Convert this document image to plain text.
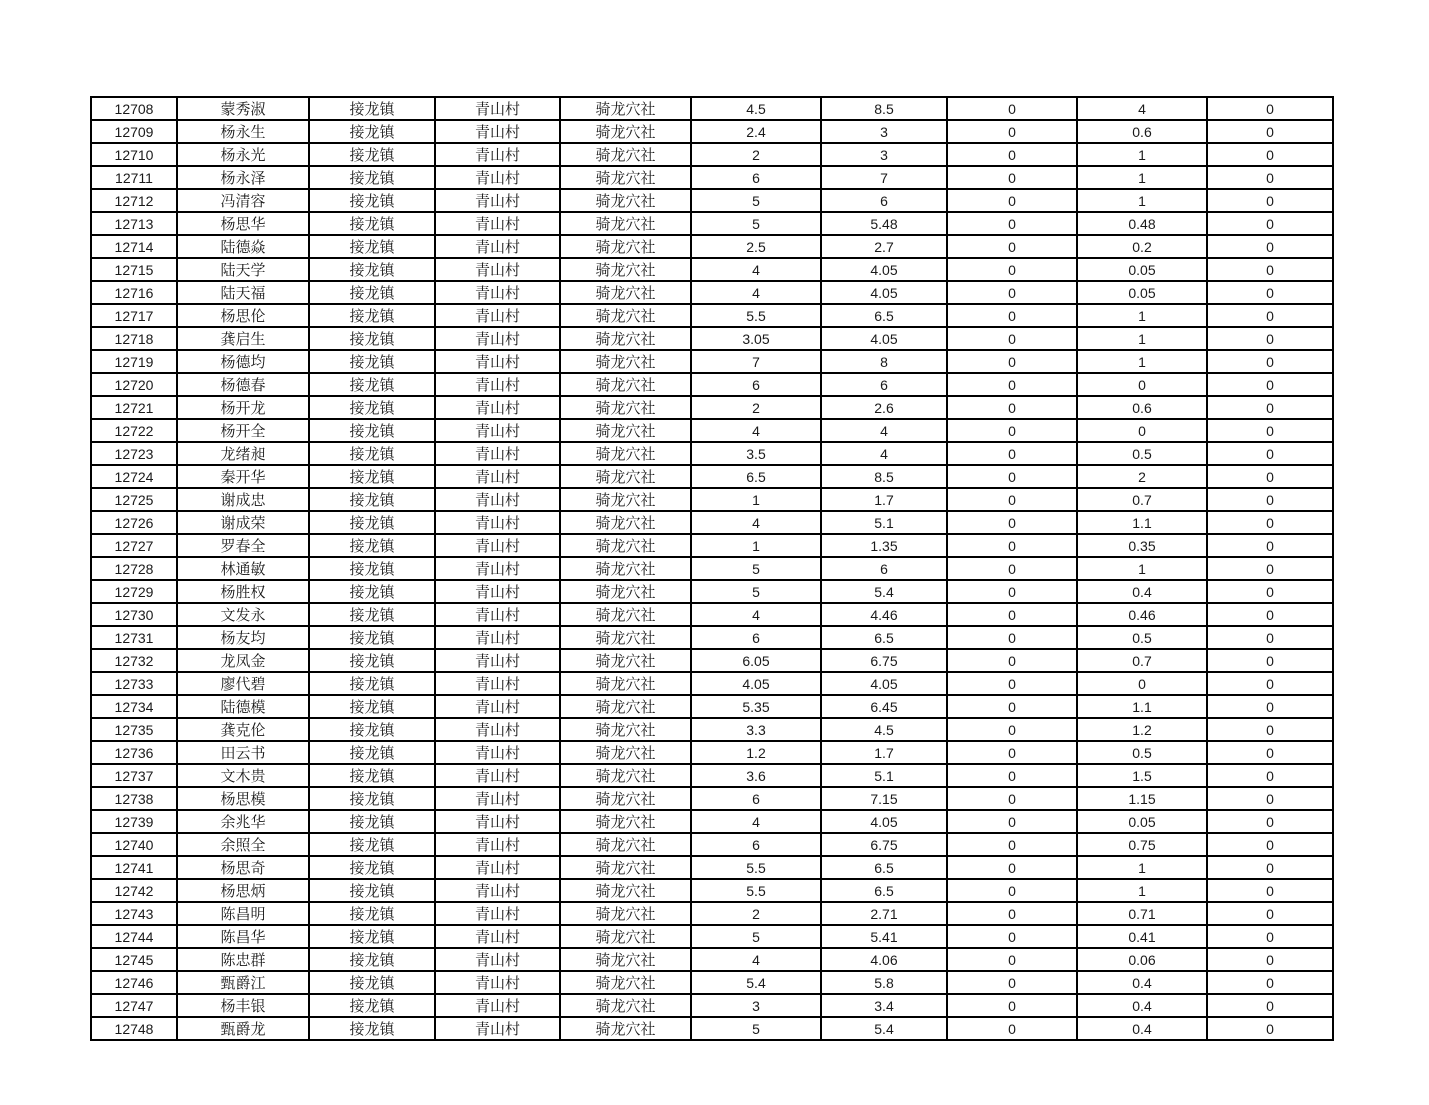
12708	蒙秀淑	接龙镇	青山村	骑龙穴社	4.5	8.5	0	4	0
12709	杨永生	接龙镇	青山村	骑龙穴社	2.4	3	0	0.6	0
12710	杨永光	接龙镇	青山村	骑龙穴社	2	3	0	1	0
12711	杨永泽	接龙镇	青山村	骑龙穴社	6	7	0	1	0
12712	冯清容	接龙镇	青山村	骑龙穴社	5	6	0	1	0
12713	杨思华	接龙镇	青山村	骑龙穴社	5	5.48	0	0.48	0
12714	陆德焱	接龙镇	青山村	骑龙穴社	2.5	2.7	0	0.2	0
12715	陆天学	接龙镇	青山村	骑龙穴社	4	4.05	0	0.05	0
12716	陆天福	接龙镇	青山村	骑龙穴社	4	4.05	0	0.05	0
12717	杨思伦	接龙镇	青山村	骑龙穴社	5.5	6.5	0	1	0
12718	龚启生	接龙镇	青山村	骑龙穴社	3.05	4.05	0	1	0
12719	杨德均	接龙镇	青山村	骑龙穴社	7	8	0	1	0
12720	杨德春	接龙镇	青山村	骑龙穴社	6	6	0	0	0
12721	杨开龙	接龙镇	青山村	骑龙穴社	2	2.6	0	0.6	0
12722	杨开全	接龙镇	青山村	骑龙穴社	4	4	0	0	0
12723	龙绪昶	接龙镇	青山村	骑龙穴社	3.5	4	0	0.5	0
12724	秦开华	接龙镇	青山村	骑龙穴社	6.5	8.5	0	2	0
12725	谢成忠	接龙镇	青山村	骑龙穴社	1	1.7	0	0.7	0
12726	谢成荣	接龙镇	青山村	骑龙穴社	4	5.1	0	1.1	0
12727	罗春全	接龙镇	青山村	骑龙穴社	1	1.35	0	0.35	0
12728	林通敏	接龙镇	青山村	骑龙穴社	5	6	0	1	0
12729	杨胜权	接龙镇	青山村	骑龙穴社	5	5.4	0	0.4	0
12730	文发永	接龙镇	青山村	骑龙穴社	4	4.46	0	0.46	0
12731	杨友均	接龙镇	青山村	骑龙穴社	6	6.5	0	0.5	0
12732	龙凤金	接龙镇	青山村	骑龙穴社	6.05	6.75	0	0.7	0
12733	廖代碧	接龙镇	青山村	骑龙穴社	4.05	4.05	0	0	0
12734	陆德模	接龙镇	青山村	骑龙穴社	5.35	6.45	0	1.1	0
12735	龚克伦	接龙镇	青山村	骑龙穴社	3.3	4.5	0	1.2	0
12736	田云书	接龙镇	青山村	骑龙穴社	1.2	1.7	0	0.5	0
12737	文木贵	接龙镇	青山村	骑龙穴社	3.6	5.1	0	1.5	0
12738	杨思模	接龙镇	青山村	骑龙穴社	6	7.15	0	1.15	0
12739	余兆华	接龙镇	青山村	骑龙穴社	4	4.05	0	0.05	0
12740	余照全	接龙镇	青山村	骑龙穴社	6	6.75	0	0.75	0
12741	杨思奇	接龙镇	青山村	骑龙穴社	5.5	6.5	0	1	0
12742	杨思炳	接龙镇	青山村	骑龙穴社	5.5	6.5	0	1	0
12743	陈昌明	接龙镇	青山村	骑龙穴社	2	2.71	0	0.71	0
12744	陈昌华	接龙镇	青山村	骑龙穴社	5	5.41	0	0.41	0
12745	陈忠群	接龙镇	青山村	骑龙穴社	4	4.06	0	0.06	0
12746	甄爵江	接龙镇	青山村	骑龙穴社	5.4	5.8	0	0.4	0
12747	杨丰银	接龙镇	青山村	骑龙穴社	3	3.4	0	0.4	0
12748	甄爵龙	接龙镇	青山村	骑龙穴社	5	5.4	0	0.4	0
